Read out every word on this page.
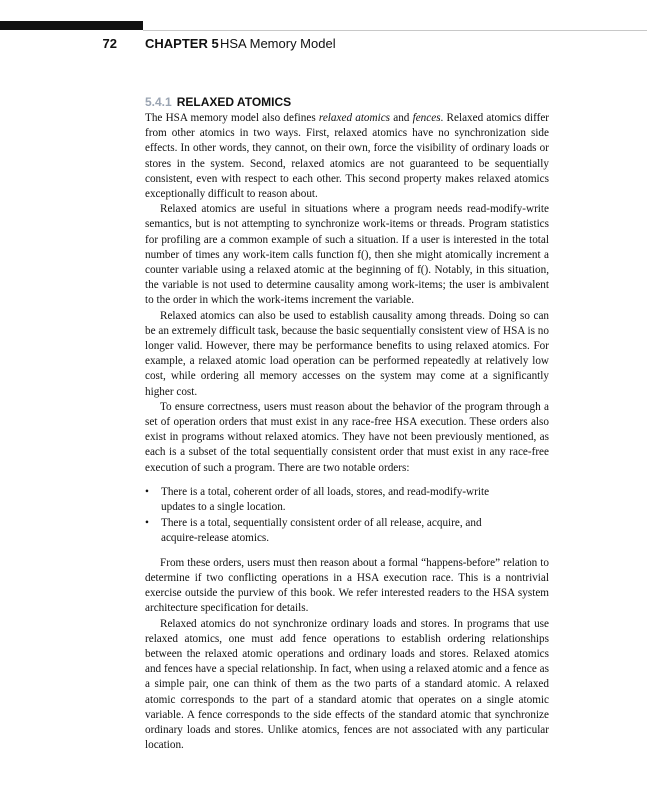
72 CHAPTER 5 HSA Memory Model
5.4.1 RELAXED ATOMICS

The HSA memory model also defines relaxed atomics and fences. Relaxed atomics differ from other atomics in two ways. First, relaxed atomics have no synchronization side effects. In other words, they cannot, on their own, force the visibility of ordinary loads or stores in the system. Second, relaxed atomics are not guaranteed to be sequentially consistent, even with respect to each other. This second property makes relaxed atomics exceptionally difficult to reason about.

Relaxed atomics are useful in situations where a program needs read-modify-write semantics, but is not attempting to synchronize work-items or threads. Program statistics for profiling are a common example of such a situation. If a user is interested in the total number of times any work-item calls function f(), then she might atomically increment a counter variable using a relaxed atomic at the beginning of f(). Notably, in this situation, the variable is not used to determine causality among work-items; the user is ambivalent to the order in which the work-items increment the variable.

Relaxed atomics can also be used to establish causality among threads. Doing so can be an extremely difficult task, because the basic sequentially consistent view of HSA is no longer valid. However, there may be performance benefits to using relaxed atomics. For example, a relaxed atomic load operation can be performed repeatedly at relatively low cost, while ordering all memory accesses on the system may come at a significantly higher cost.

To ensure correctness, users must reason about the behavior of the program through a set of operation orders that must exist in any race-free HSA execution. These orders also exist in programs without relaxed atomics. They have not been previously mentioned, as each is a subset of the total sequentially consistent order that must exist in any race-free execution of such a program. There are two notable orders:

• There is a total, coherent order of all loads, stores, and read-modify-write updates to a single location.
• There is a total, sequentially consistent order of all release, acquire, and acquire-release atomics.

From these orders, users must then reason about a formal “happens-before” relation to determine if two conflicting operations in a HSA execution race. This is a nontrivial exercise outside the purview of this book. We refer interested readers to the HSA system architecture specification for details.

Relaxed atomics do not synchronize ordinary loads and stores. In programs that use relaxed atomics, one must add fence operations to establish ordering relationships between the relaxed atomic operations and ordinary loads and stores. Relaxed atomics and fences have a special relationship. In fact, when using a relaxed atomic and a fence as a simple pair, one can think of them as the two parts of a standard atomic. A relaxed atomic corresponds to the part of a standard atomic that operates on a single atomic variable. A fence corresponds to the side effects of the standard atomic that synchronize ordinary loads and stores. Unlike atomics, fences are not associated with any particular location.
